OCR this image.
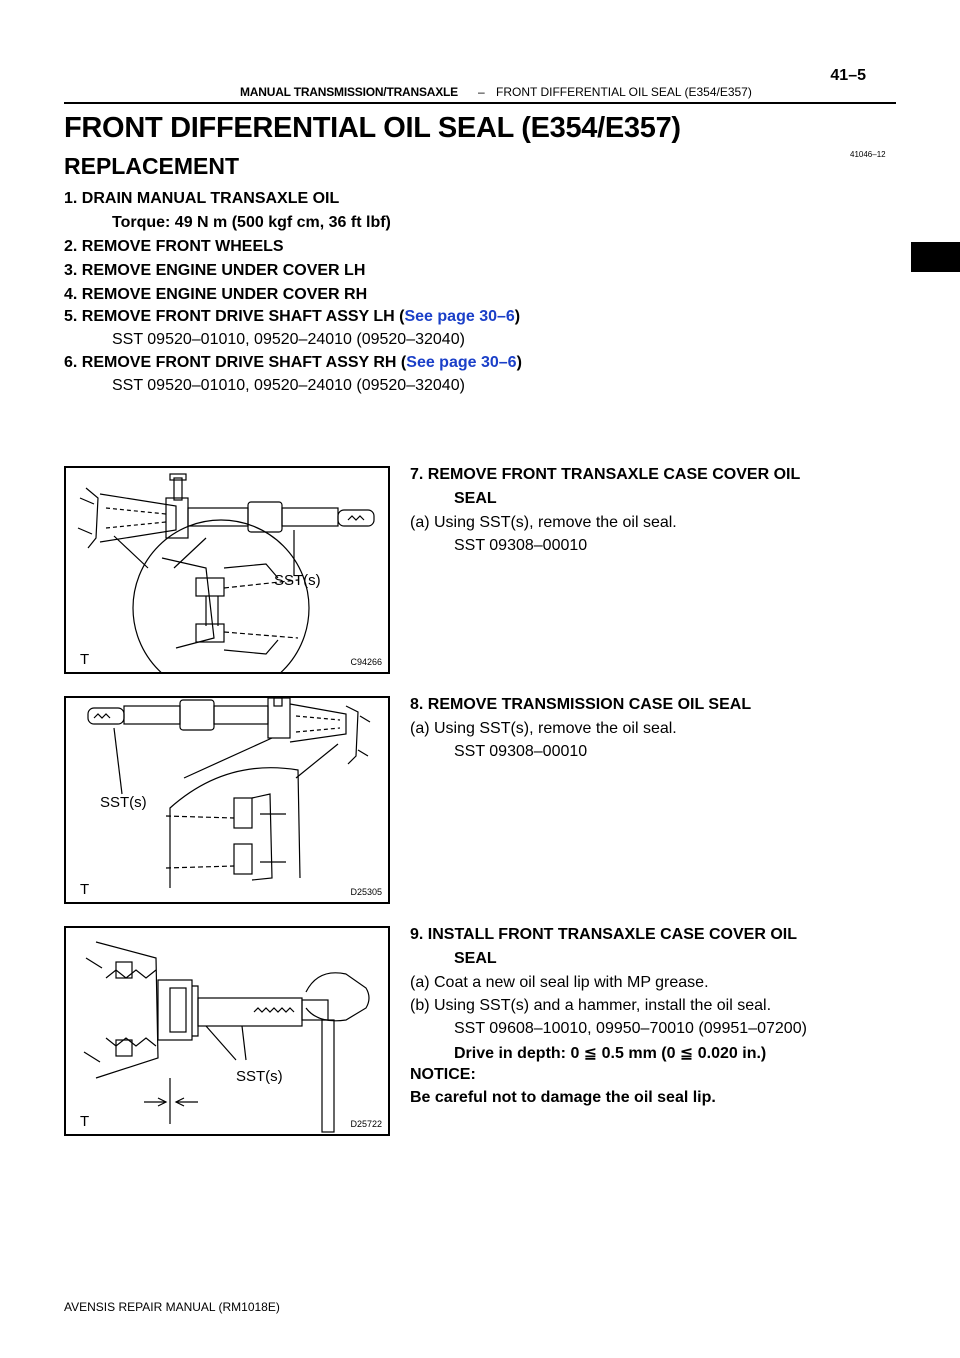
MANUAL TRANSMISSION/TRANSAXLE – FRONT DIFFERENTIAL OIL SEAL (E354/E357)
41–5
FRONT DIFFERENTIAL OIL SEAL (E354/E357)
41046–12
REPLACEMENT
1. DRAIN MANUAL TRANSAXLE OIL
Torque: 49 N m (500 kgf cm, 36 ft lbf)
2. REMOVE FRONT WHEELS
3. REMOVE ENGINE UNDER COVER LH
4. REMOVE ENGINE UNDER COVER RH
5. REMOVE FRONT DRIVE SHAFT ASSY LH (See page 30–6)
SST 09520–01010, 09520–24010 (09520–32040)
6. REMOVE FRONT DRIVE SHAFT ASSY RH (See page 30–6)
SST 09520–01010, 09520–24010 (09520–32040)
SST(s)
T	C94266
7. REMOVE FRONT TRANSAXLE CASE COVER OIL
SEAL
(a) Using SST(s), remove the oil seal.
SST 09308–00010
SST(s)
T	D25305
8. REMOVE TRANSMISSION CASE OIL SEAL
(a) Using SST(s), remove the oil seal.
SST 09308–00010
SST(s)
T	D25722
9. INSTALL FRONT TRANSAXLE CASE COVER OIL
SEAL
(a) Coat a new oil seal lip with MP grease.
(b) Using SST(s) and a hammer, install the oil seal.
SST 09608–10010, 09950–70010 (09951–07200)
Drive in depth: 0 ≦ 0.5 mm (0 ≦ 0.020 in.)
NOTICE:
Be careful not to damage the oil seal lip.
AVENSIS REPAIR MANUAL (RM1018E)
